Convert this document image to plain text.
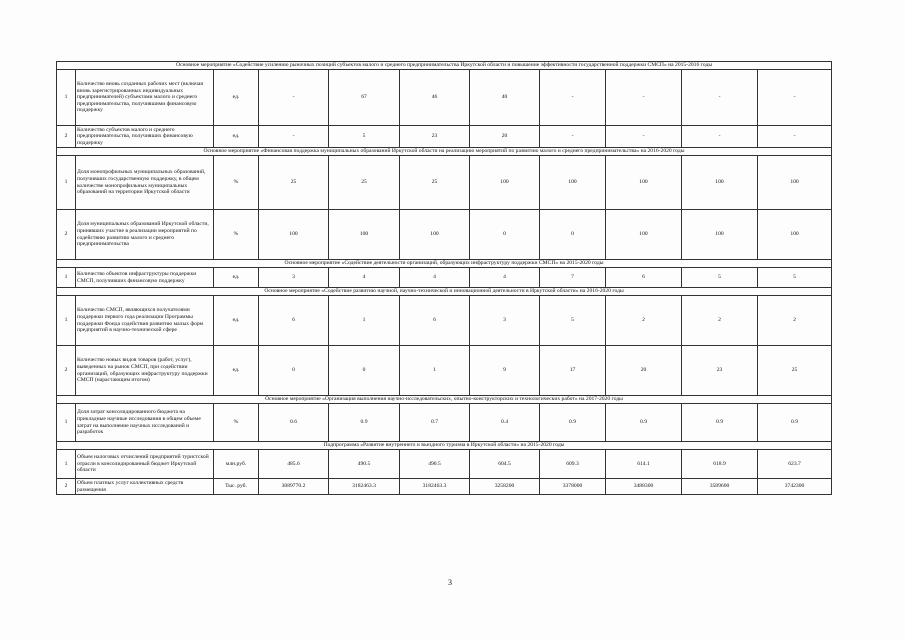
Основное мероприятие «Содействие усилению рыночных позиций субъектов малого и среднего предпринимательства Иркутской области и повышение эффективности государственной поддержки СМСП» на 2015-2016 годы										
1	Количество вновь созданных рабочих мест (включая вновь зарегистрированных индивидуальных предпринимателей) субъектами малого и среднего предпринимательства, получившими финансовую поддержку	ед.	-	67	46	40	-	-	-	-
2	Количество субъектов малого и среднего предпринимательства, получивших финансовую поддержку	ед.	-	5	23	20	-	-	-	-
Основное мероприятие «Финансовая поддержка муниципальных образований Иркутской области на реализацию мероприятий по развитию малого и среднего предпринимательства» на 2016-2020 годы										
1	Доля монопрофильных муниципальных образований, получивших государственную поддержку, в общем количестве монопрофильных муниципальных образований на территории Иркутской области	%	25	25	25	100	100	100	100	100
2	Доля муниципальных образований Иркутской области, принявших участие в реализации мероприятий по содействию развитию малого и среднего предпринимательства	%	100	100	100	0	0	100	100	100
Основное мероприятие «Содействие деятельности организаций, образующих инфраструктуру поддержки СМСП» на 2015-2020 годы										
1	Количество объектов инфраструктуры поддержки СМСП, получивших финансовую поддержку	ед.	3	4	4	4	7	6	5	5
Основное мероприятие «Содействие развитию научной, научно-технической и инновационной деятельности в Иркутской области» на 2016-2020 годы										
1	Количество СМСП, являющихся получателями поддержки первого года реализации Программы поддержки Фонда содействия развитию малых форм предприятий в научно-технической сфере	ед.	6	1	6	3	5	2	2	2
2	Количество новых видов товаров (работ, услуг), выведенных на рынок СМСП, при содействии организаций, образующих инфраструктуру поддержки СМСП (нарастающим итогом)	ед.	0	0	1	9	17	20	23	25
Основное мероприятие «Организация выполнения научно-исследовательских, опытно-конструкторских и технологических работ» на 2017-2020 годы										
1	Доля затрат консолидированного бюджета на прикладные научные исследования в общем объеме затрат на выполнение научных исследований и разработок	%	0.6	0.9	0.7	0.4	0.9	0.9	0.9	0.9
Подпрограмма «Развитие внутреннего и въездного туризма в Иркутской области» на 2015-2020 годы										
1	Объем налоговых отчислений предприятий туристской отрасли в консолидированный бюджет Иркутской области	млн.руб.	485.6	490.5	490.5	604.5	609.3	614.1	618.9	623.7
2	Объем платных услуг коллективных средств размещения	Тыс. руб.	3089770.2	3182463.3	3182463.3	3258200	3378000	3488300	3589600	3742300
3
